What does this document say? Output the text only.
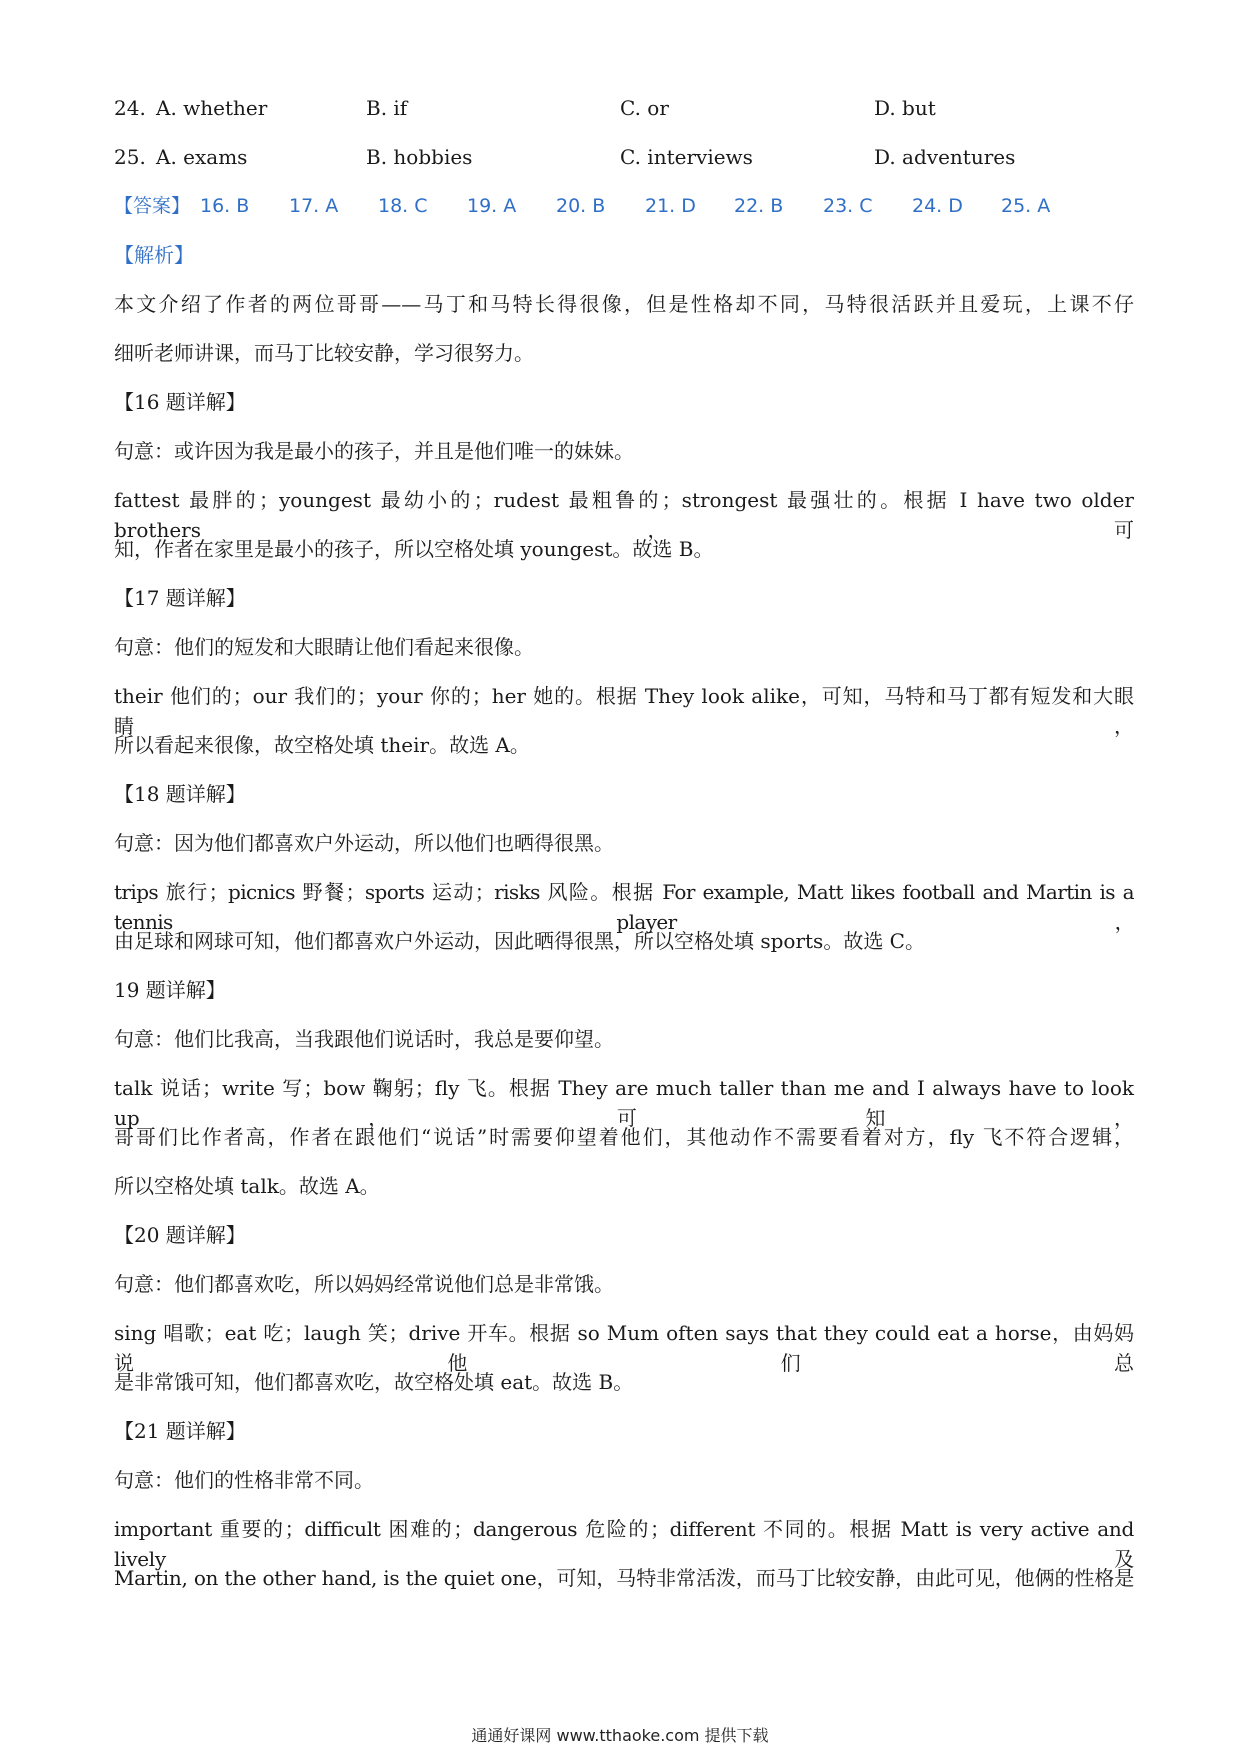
24. A. whether	B. if	C. or	D. but
25. A. exams	B. hobbies	C. interviews	D. adventures
【答案】 16. B 17. A 18. C 19. A 20. B 21. D 22. B 23. C 24. D 25. A
【解析】
本文介绍了作者的两位哥哥——马丁和马特长得很像，但是性格却不同，马特很活跃并且爱玩，上课不仔
细听老师讲课，而马丁比较安静，学习很努力。
【16 题详解】
句意：或许因为我是最小的孩子，并且是他们唯一的妹妹。
fattest 最胖的；youngest 最幼小的；rudest 最粗鲁的；strongest 最强壮的。根据 I have two older brothers，可
知，作者在家里是最小的孩子，所以空格处填 youngest。故选 B。
【17 题详解】
句意：他们的短发和大眼睛让他们看起来很像。
their 他们的；our 我们的；your 你的；her 她的。根据 They look alike，可知，马特和马丁都有短发和大眼睛，
所以看起来很像，故空格处填 their。故选 A。
【18 题详解】
句意：因为他们都喜欢户外运动，所以他们也晒得很黑。
trips 旅行；picnics 野餐；sports 运动；risks 风险。根据 For example, Matt likes football and Martin is a tennis player，
由足球和网球可知，他们都喜欢户外运动，因此晒得很黑，所以空格处填 sports。故选 C。
19 题详解】
句意：他们比我高，当我跟他们说话时，我总是要仰望。
talk 说话；write 写；bow 鞠躬；fly 飞。根据 They are much taller than me and I always have to look up，可知，
哥哥们比作者高，作者在跟他们“说话”时需要仰望着他们，其他动作不需要看着对方，fly 飞不符合逻辑，
所以空格处填 talk。故选 A。
【20 题详解】
句意：他们都喜欢吃，所以妈妈经常说他们总是非常饿。
sing 唱歌；eat 吃；laugh 笑；drive 开车。根据 so Mum often says that they could eat a horse，由妈妈说他们总
是非常饿可知，他们都喜欢吃，故空格处填 eat。故选 B。
【21 题详解】
句意：他们的性格非常不同。
important 重要的；difficult 困难的；dangerous 危险的；different 不同的。根据 Matt is very active and lively 及
Martin, on the other hand, is the quiet one，可知，马特非常活泼，而马丁比较安静，由此可见，他俩的性格是
通通好课网 www.tthaoke.com 提供下载
